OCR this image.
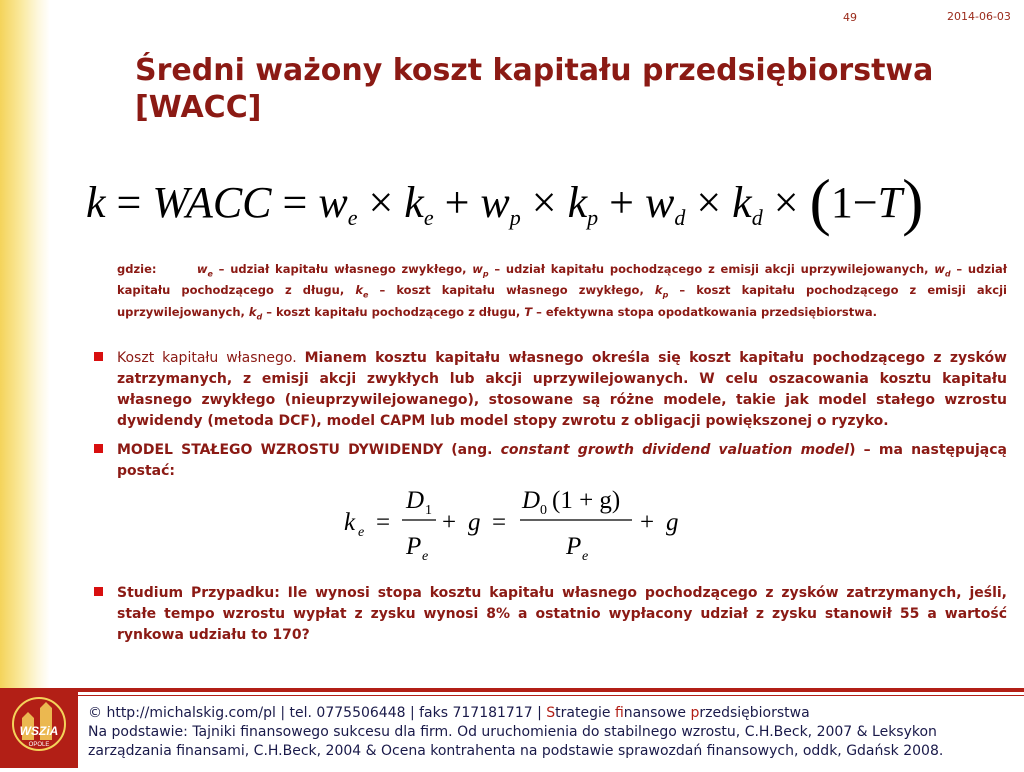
49	2014-06-03
Średni ważony koszt kapitału przedsiębiorstwa
[WACC]
k = WACC = $w_e \times k_e + w_p \times k_p + w_d \times k_d \times (1-T)$
gdzie:	$w_e$ – udział kapitału własnego zwykłego, $w_p$ – udział kapitału pochodzącego z emisji akcji uprzywilejowanych, $w_d$ – udział kapitału pochodzącego z długu, $k_e$ – koszt kapitału własnego zwykłego, $k_p$ – koszt kapitału pochodzącego z emisji akcji uprzywilejowanych, $k_d$ – koszt kapitału pochodzącego z długu, T – efektywna stopa opodatkowania przedsiębiorstwa.
Koszt kapitału własnego. Mianem kosztu kapitału własnego określa się koszt kapitału pochodzącego z zysków zatrzymanych, z emisji akcji zwykłych lub akcji uprzywilejowanych. W celu oszacowania kosztu kapitału własnego zwykłego (nieuprzywilejowanego), stosowane są różne modele, takie jak model stałego wzrostu dywidendy (metoda DCF), model CAPM lub model stopy zwrotu z obligacji powiększonej o ryzyko.
MODEL STAŁEGO WZROSTU DYWIDENDY (ang. constant growth dividend valuation model) – ma następującą postać:
k e =
D 1
P e
+ g =
D 0 (1 + g)
P e
+ g
Studium Przypadku: Ile wynosi stopa kosztu kapitału własnego pochodzącego z zysków zatrzymanych, jeśli, stałe tempo wzrostu wypłat z zysku wynosi 8% a ostatnio wypłacony udział z zysku stanowił 55 a wartość rynkowa udziału to 170?
WSZiA
OPOLE
© http://michalskig.com/pl | tel. 0775506448 | faks 717181717 | Strategie finansowe przedsiębiorstwa
Na podstawie: Tajniki finansowego sukcesu dla firm. Od uruchomienia do stabilnego wzrostu, C.H.Beck, 2007 & Leksykon zarządzania finansami, C.H.Beck, 2004 & Ocena kontrahenta na podstawie sprawozdań finansowych, oddk, Gdańsk 2008.
